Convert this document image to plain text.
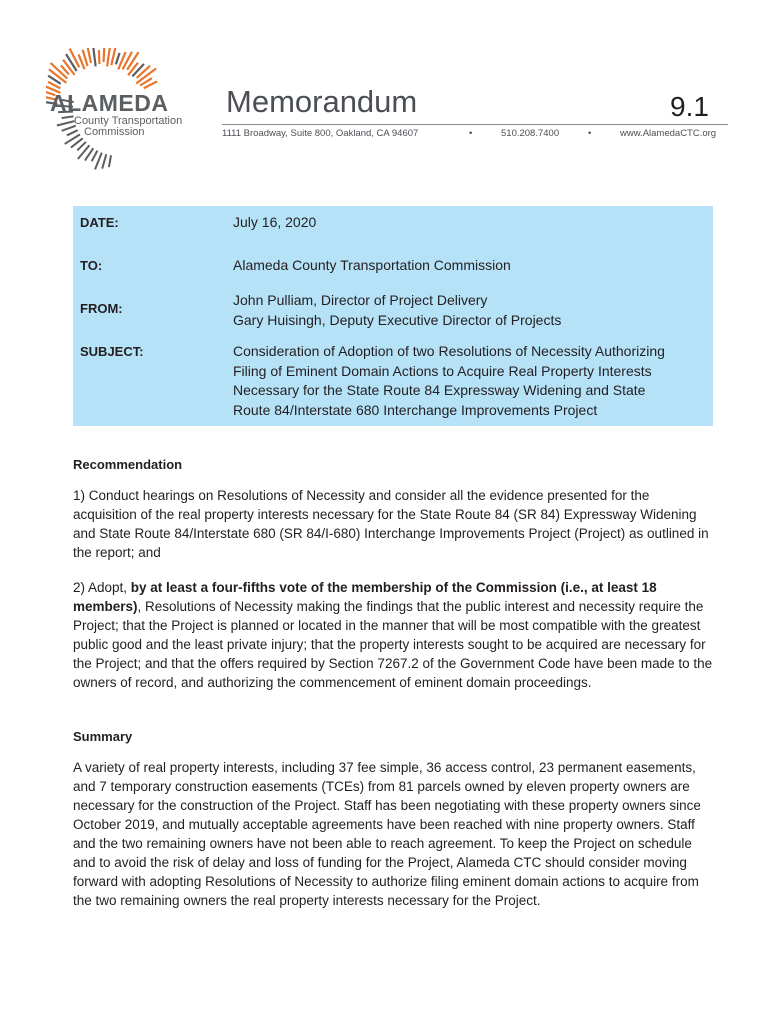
ALAMEDA
County Transportation
Commission
Memorandum	9.1
1111 Broadway, Suite 800, Oakland, CA 94607	•	510.208.7400	•	www.AlamedaCTC.org
DATE:	July 16, 2020
TO:	Alameda County Transportation Commission
FROM:
John Pulliam, Director of Project Delivery
Gary Huisingh, Deputy Executive Director of Projects
SUBJECT:	Consideration of Adoption of two Resolutions of Necessity Authorizing
Filing of Eminent Domain Actions to Acquire Real Property Interests
Necessary for the State Route 84 Expressway Widening and State
Route 84/Interstate 680 Interchange Improvements Project
Recommendation
1) Conduct hearings on Resolutions of Necessity and consider all the evidence presented for the acquisition of the real property interests necessary for the State Route 84 (SR 84) Expressway Widening and State Route 84/Interstate 680 (SR 84/I-680) Interchange Improvements Project (Project) as outlined in the report; and
2) Adopt, by at least a four-fifths vote of the membership of the Commission (i.e., at least 18 members), Resolutions of Necessity making the findings that the public interest and necessity require the Project; that the Project is planned or located in the manner that will be most compatible with the greatest public good and the least private injury; that the property interests sought to be acquired are necessary for the Project; and that the offers required by Section 7267.2 of the Government Code have been made to the owners of record, and authorizing the commencement of eminent domain proceedings.
Summary
A variety of real property interests, including 37 fee simple, 36 access control, 23 permanent easements, and 7 temporary construction easements (TCEs) from 81 parcels owned by eleven property owners are necessary for the construction of the Project. Staff has been negotiating with these property owners since October 2019, and mutually acceptable agreements have been reached with nine property owners. Staff and the two remaining owners have not been able to reach agreement. To keep the Project on schedule and to avoid the risk of delay and loss of funding for the Project, Alameda CTC should consider moving forward with adopting Resolutions of Necessity to authorize filing eminent domain actions to acquire from the two remaining owners the real property interests necessary for the Project.
